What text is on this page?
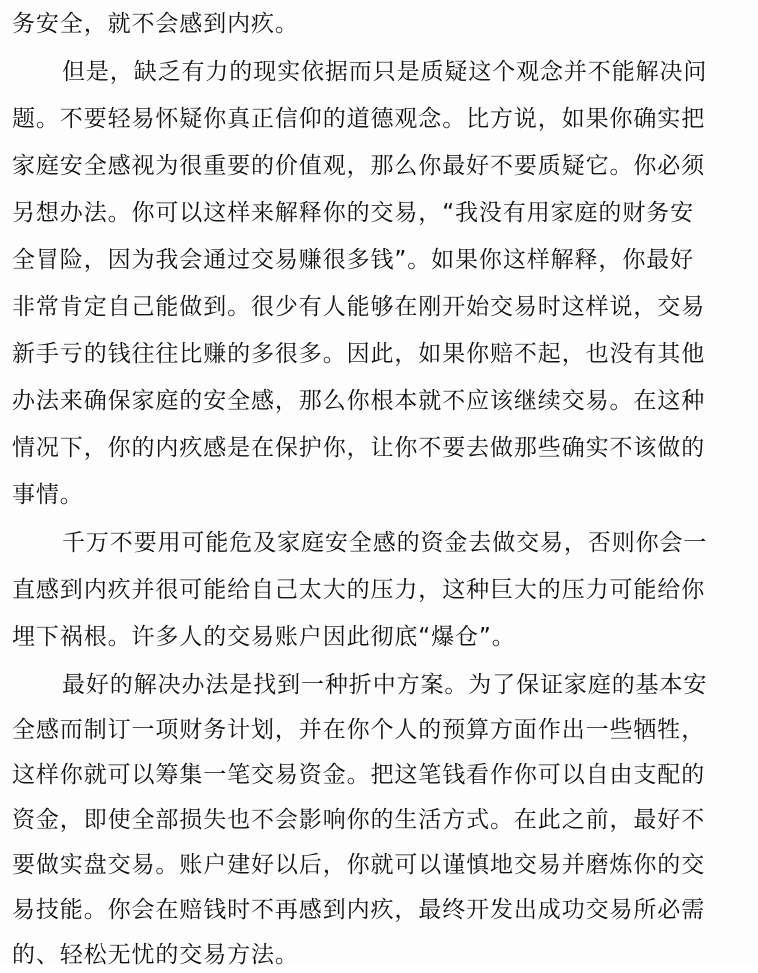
务安全，就不会感到内疚。
但是，缺乏有力的现实依据而只是质疑这个观念并不能解决问
题。不要轻易怀疑你真正信仰的道德观念。比方说，如果你确实把
家庭安全感视为很重要的价值观，那么你最好不要质疑它。你必须
另想办法。你可以这样来解释你的交易，“我没有用家庭的财务安
全冒险，因为我会通过交易赚很多钱”。如果你这样解释，你最好
非常肯定自己能做到。很少有人能够在刚开始交易时这样说，交易
新手亏的钱往往比赚的多很多。因此，如果你赔不起，也没有其他
办法来确保家庭的安全感，那么你根本就不应该继续交易。在这种
情况下，你的内疚感是在保护你，让你不要去做那些确实不该做的
事情。
千万不要用可能危及家庭安全感的资金去做交易，否则你会一
直感到内疚并很可能给自己太大的压力，这种巨大的压力可能给你
埋下祸根。许多人的交易账户因此彻底“爆仓”。
最好的解决办法是找到一种折中方案。为了保证家庭的基本安
全感而制订一项财务计划，并在你个人的预算方面作出一些牺牲，
这样你就可以筹集一笔交易资金。把这笔钱看作你可以自由支配的
资金，即使全部损失也不会影响你的生活方式。在此之前，最好不
要做实盘交易。账户建好以后，你就可以谨慎地交易并磨炼你的交
易技能。你会在赔钱时不再感到内疚，最终开发出成功交易所必需
的、轻松无忧的交易方法。
